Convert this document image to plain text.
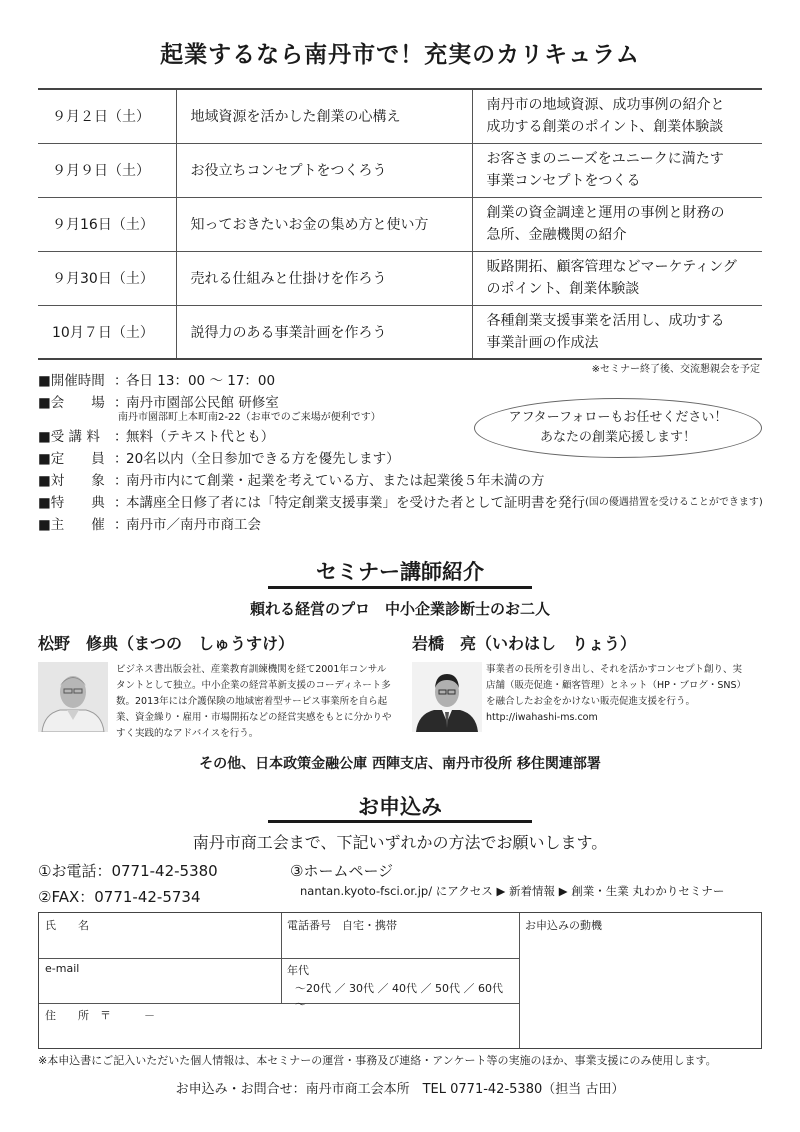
起業するなら南丹市で！充実のカリキュラム
９月２日（土）	地域資源を活かした創業の心構え	南丹市の地域資源、成功事例の紹介と
成功する創業のポイント、創業体験談

９月９日（土）	お役立ちコンセプトをつくろう	お客さまのニーズをユニークに満たす
事業コンセプトをつくる

９月16日（土）	知っておきたいお金の集め方と使い方	創業の資金調達と運用の事例と財務の
急所、金融機関の紹介

９月30日（土）	売れる仕組みと仕掛けを作ろう	販路開拓、顧客管理などマーケティング
のポイント、創業体験談

10月７日（土）	説得力のある事業計画を作ろう	各種創業支援事業を活用し、成功する
事業計画の作成法
※セミナー終了後、交流懇親会を予定
■開催時間 ：
各日 13：00 ～ 17：00
■会　　場 ：
南丹市園部公民館 研修室
南丹市園部町上本町南2-22（お車でのご来場が便利です）
■受 講 料	：
無料（テキスト代とも）
■定　　員 ：
20名以内（全日参加できる方を優先します）
■対　　象 ：
南丹市内にて創業・起業を考えている方、または起業後５年未満の方
■特　　典 ：
本講座全日修了者には「特定創業支援事業」を受けた者として証明書を発行 (国の優遇措置を受けることができます)
■主　　催 ：
南丹市／南丹市商工会
アフターフォローもお任せください！
あなたの創業応援します！
セミナー講師紹介
頼れる経営のプロ　中小企業診断士のお二人
松野　修典（まつの　しゅうすけ）
ビジネス書出版会社、産業教育訓練機関を経て2001年コンサル
タントとして独立。中小企業の経営革新支援のコーディネート多
数。2013年には介護保険の地域密着型サービス事業所を自ら起
業、資金繰り・雇用・市場開拓などの経営実感をもとに分かりや
すく実践的なアドバイスを行う。
岩橋　亮（いわはし　りょう）
事業者の長所を引き出し、それを活かすコンセプト創り、実
店舗（販売促進・顧客管理）とネット（HP・ブログ・SNS）
を融合したお金をかけない販売促進支援を行う。
http://iwahashi-ms.com
その他、日本政策金融公庫 西陣支店、南丹市役所 移住関連部署
お申込み
南丹市商工会まで、下記いずれかの方法でお願いします。
①お電話：0771-42-5380
②FAX：0771-42-5734
③ホームページ
nantan.kyoto-fsci.or.jp/ にアクセス ▶ 新着情報 ▶ 創業・生業 丸わかりセミナー
氏　　名	電話番号　自宅・携帯	お申込みの動機
e-mail	年代
～20代 ／ 30代 ／ 40代 ／ 50代 ／ 60代～
住　　所　〒　　　－
※本申込書にご記入いただいた個人情報は、本セミナーの運営・事務及び連絡・アンケート等の実施のほか、事業支援にのみ使用します。
お申込み・お問合せ：南丹市商工会本所　TEL 0771-42-5380（担当 古田）
